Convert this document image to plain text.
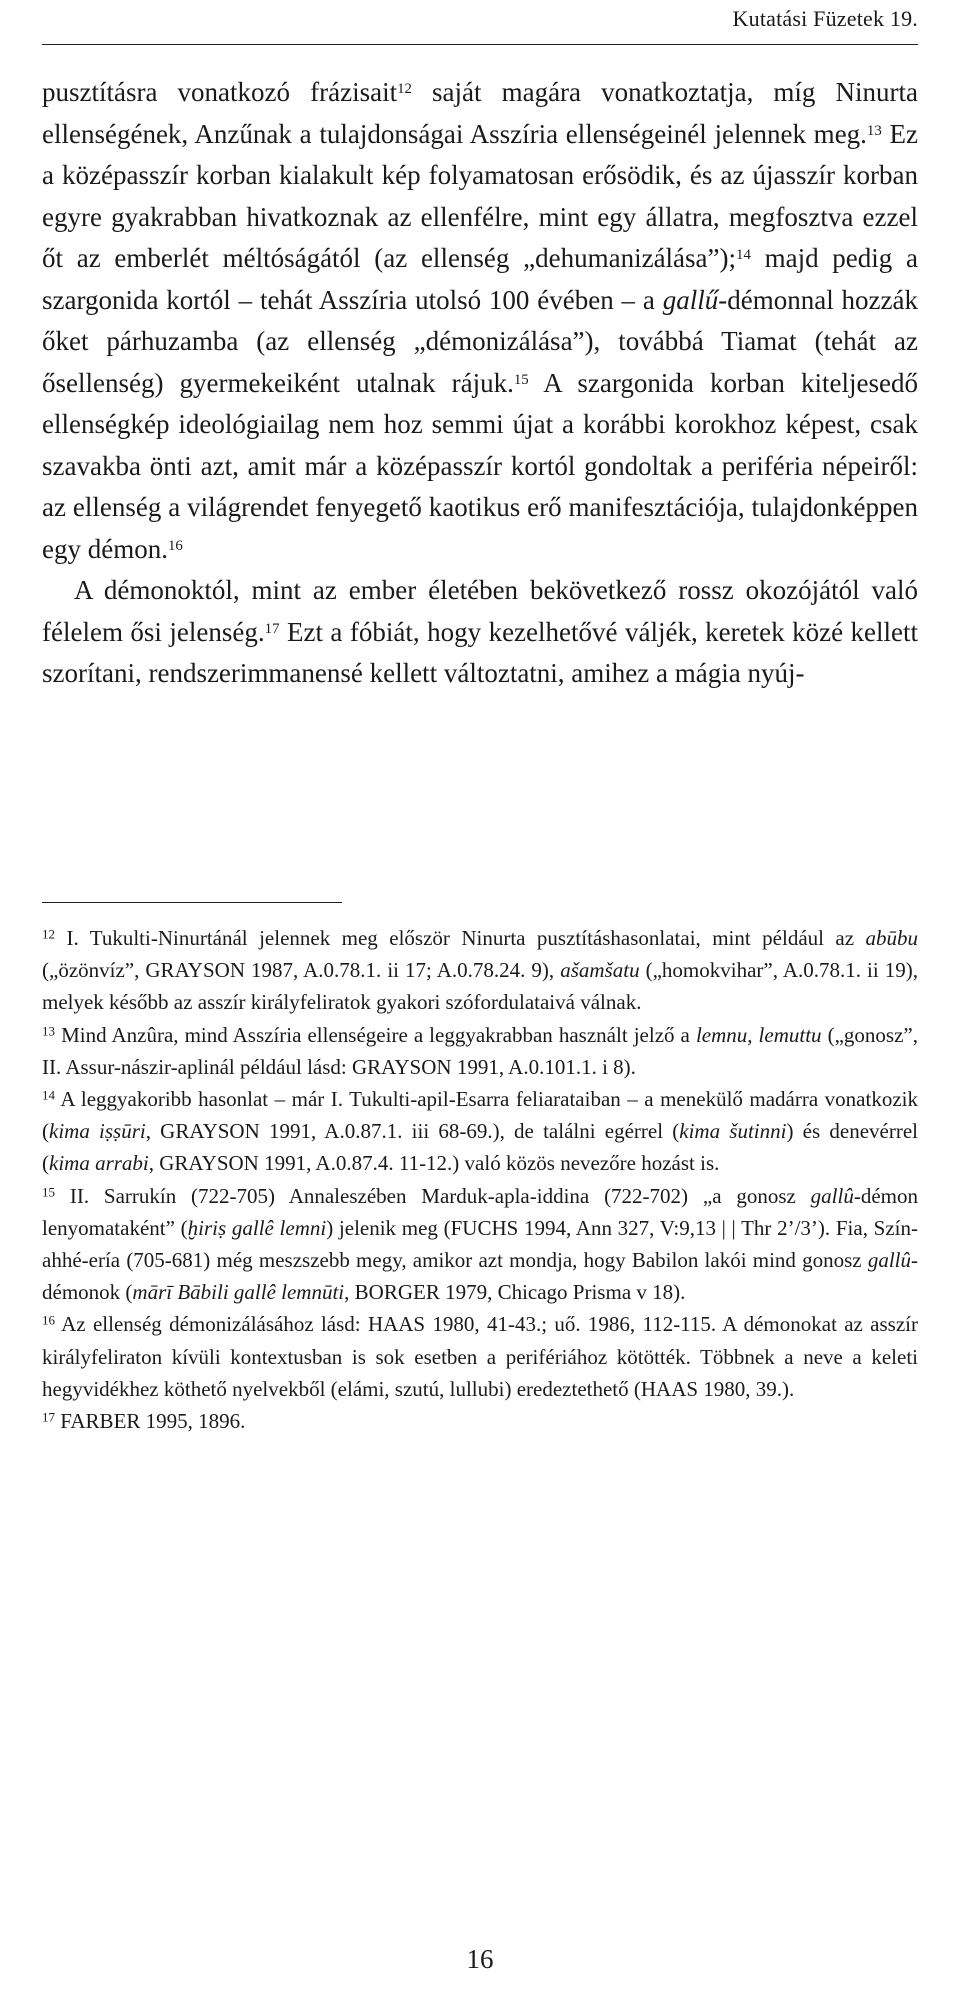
Kutatási Füzetek 19.

pusztításra vonatkozó frázisait$^{12}$ saját magára vonatkoztatja, míg Ninurta ellenségének, Anzűnak a tulajdonságai Asszíria ellenségeinél jelennek meg.$^{13}$ Ez a középasszír korban kialakult kép folyamatosan erősödik, és az újasszír korban egyre gyakrabban hivatkoznak az ellenfélre, mint egy állatra, megfosztva ezzel őt az emberlét méltóságától (az ellenség „dehumanizálása”);$^{14}$ majd pedig a szargonida kortól – tehát Asszíria utolsó 100 évében – a gallű-démonnal hozzák őket párhuzamba (az ellenség „démonizálása”), továbbá Tiamat (tehát az ősellenség) gyermekeiként utalnak rájuk.$^{15}$ A szargonida korban kiteljesedő ellenségkép ideológiailag nem hoz semmi újat a korábbi korokhoz képest, csak szavakba önti azt, amit már a középasszír kortól gondoltak a periféria népeiről: az ellenség a világrendet fenyegető kaotikus erő manifesztációja, tulajdonképpen egy démon.$^{16}$

A démonoktól, mint az ember életében bekövetkező rossz okozójától való félelem ősi jelenség.$^{17}$ Ezt a fóbiát, hogy kezelhetővé váljék, keretek közé kellett szorítani, rendszerimmanensé kellett változtatni, amihez a mágia nyúj-

$^{12}$ I. Tukulti-Ninurtánál jelennek meg először Ninurta pusztításhasonlatai, mint például az abūbu („özönvíz”, GRAYSON 1987, A.0.78.1. ii 17; A.0.78.24. 9), ašamšatu („homokvihar”, A.0.78.1. ii 19), melyek később az asszír királyfeliratok gyakori szófordulataivá válnak.

$^{13}$ Mind Anzûra, mind Asszíria ellenségeire a leggyakrabban használt jelző a lemnu, lemuttu („gonosz”, II. Assur-nászir-aplinál például lásd: GRAYSON 1991, A.0.101.1. i 8).

$^{14}$ A leggyakoribb hasonlat – már I. Tukulti-apil-Esarra feliarataiban – a menekülő madárra vonatkozik (kima iṣṣūri, GRAYSON 1991, A.0.87.1. iii 68-69.), de találni egérrel (kima šutinni) és denevérrel (kima arrabi, GRAYSON 1991, A.0.87.4. 11-12.) való közös nevezőre hozást is.

$^{15}$ II. Sarrukín (722-705) Annaleszében Marduk-apla-iddina (722-702) „a gonosz gallû-démon lenyomataként” (ḫiriṣ gallê lemni) jelenik meg (FUCHS 1994, Ann 327, V:9,13 | | Thr 2’/3’). Fia, Szín-ahhé-ería (705-681) még meszszebb megy, amikor azt mondja, hogy Babilon lakói mind gonosz gallû-démonok (mārī Bābili gallê lemnūti, BORGER 1979, Chicago Prisma v 18).

$^{16}$ Az ellenség démonizálásához lásd: HAAS 1980, 41-43.; uő. 1986, 112-115. A démonokat az asszír királyfeliraton kívüli kontextusban is sok esetben a perifériához kötötték. Többnek a neve a keleti hegyvidékhez köthető nyelvekből (elámi, szutú, lullubi) eredeztethető (HAAS 1980, 39.).

$^{17}$ FARBER 1995, 1896.

16
